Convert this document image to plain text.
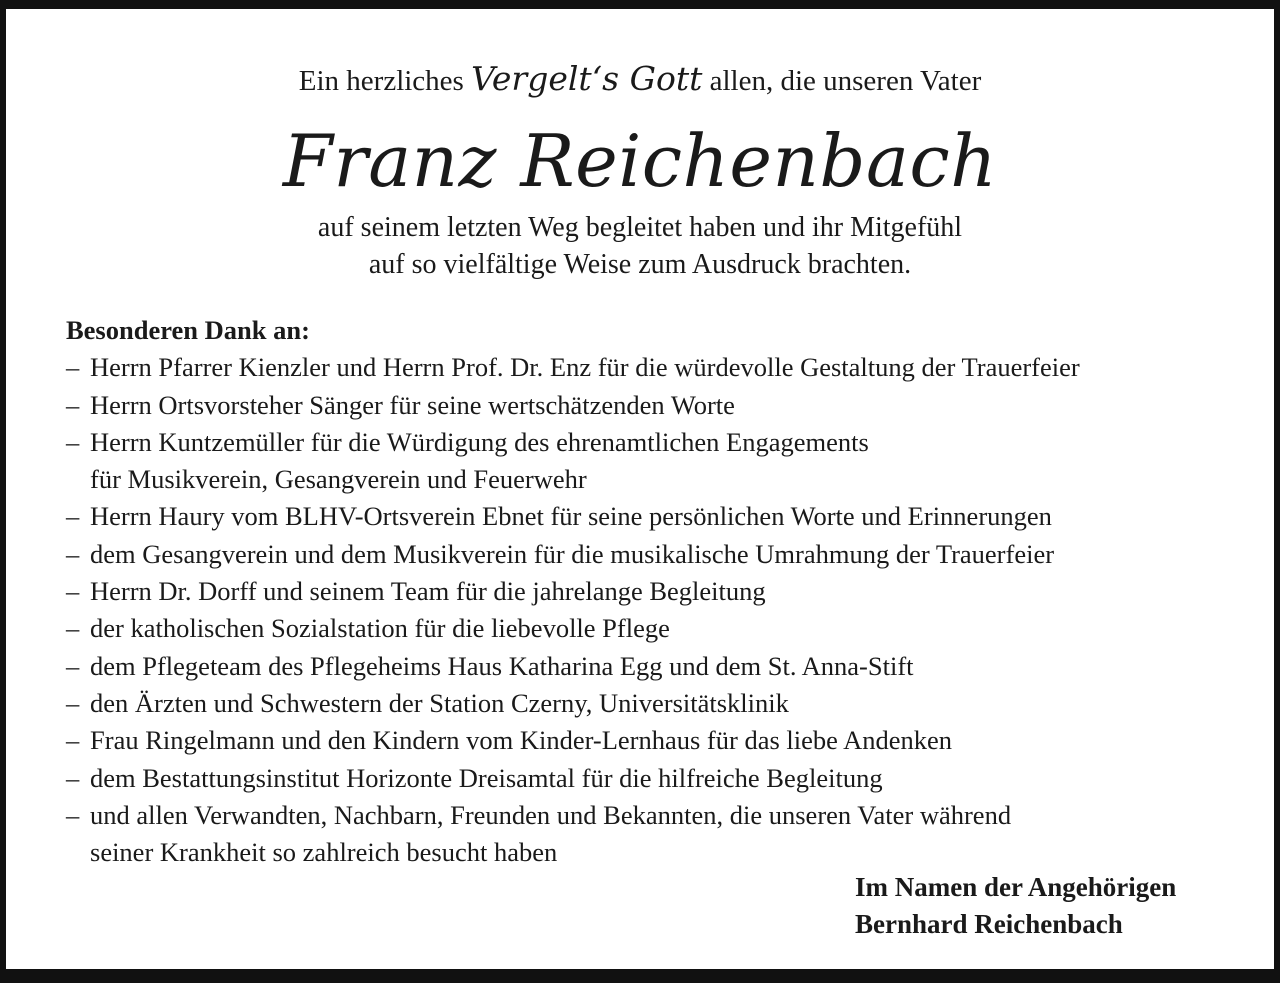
Ein herzliches Vergelt‘s Gott allen, die unseren Vater
Franz Reichenbach
auf seinem letzten Weg begleitet haben und ihr Mitgefühl
auf so vielfältige Weise zum Ausdruck brachten.
Besonderen Dank an:
– Herrn Pfarrer Kienzler und Herrn Prof. Dr. Enz für die würdevolle Gestaltung der Trauerfeier
– Herrn Ortsvorsteher Sänger für seine wertschätzenden Worte
– Herrn Kuntzemüller für die Würdigung des ehrenamtlichen Engagements
für Musikverein, Gesangverein und Feuerwehr
– Herrn Haury vom BLHV-Ortsverein Ebnet für seine persönlichen Worte und Erinnerungen
– dem Gesangverein und dem Musikverein für die musikalische Umrahmung der Trauerfeier
– Herrn Dr. Dorff und seinem Team für die jahrelange Begleitung
– der katholischen Sozialstation für die liebevolle Pflege
– dem Pflegeteam des Pflegeheims Haus Katharina Egg und dem St. Anna-Stift
– den Ärzten und Schwestern der Station Czerny, Universitätsklinik
– Frau Ringelmann und den Kindern vom Kinder-Lernhaus für das liebe Andenken
– dem Bestattungsinstitut Horizonte Dreisamtal für die hilfreiche Begleitung
– und allen Verwandten, Nachbarn, Freunden und Bekannten, die unseren Vater während
seiner Krankheit so zahlreich besucht haben
Im Namen der Angehörigen
Bernhard Reichenbach
